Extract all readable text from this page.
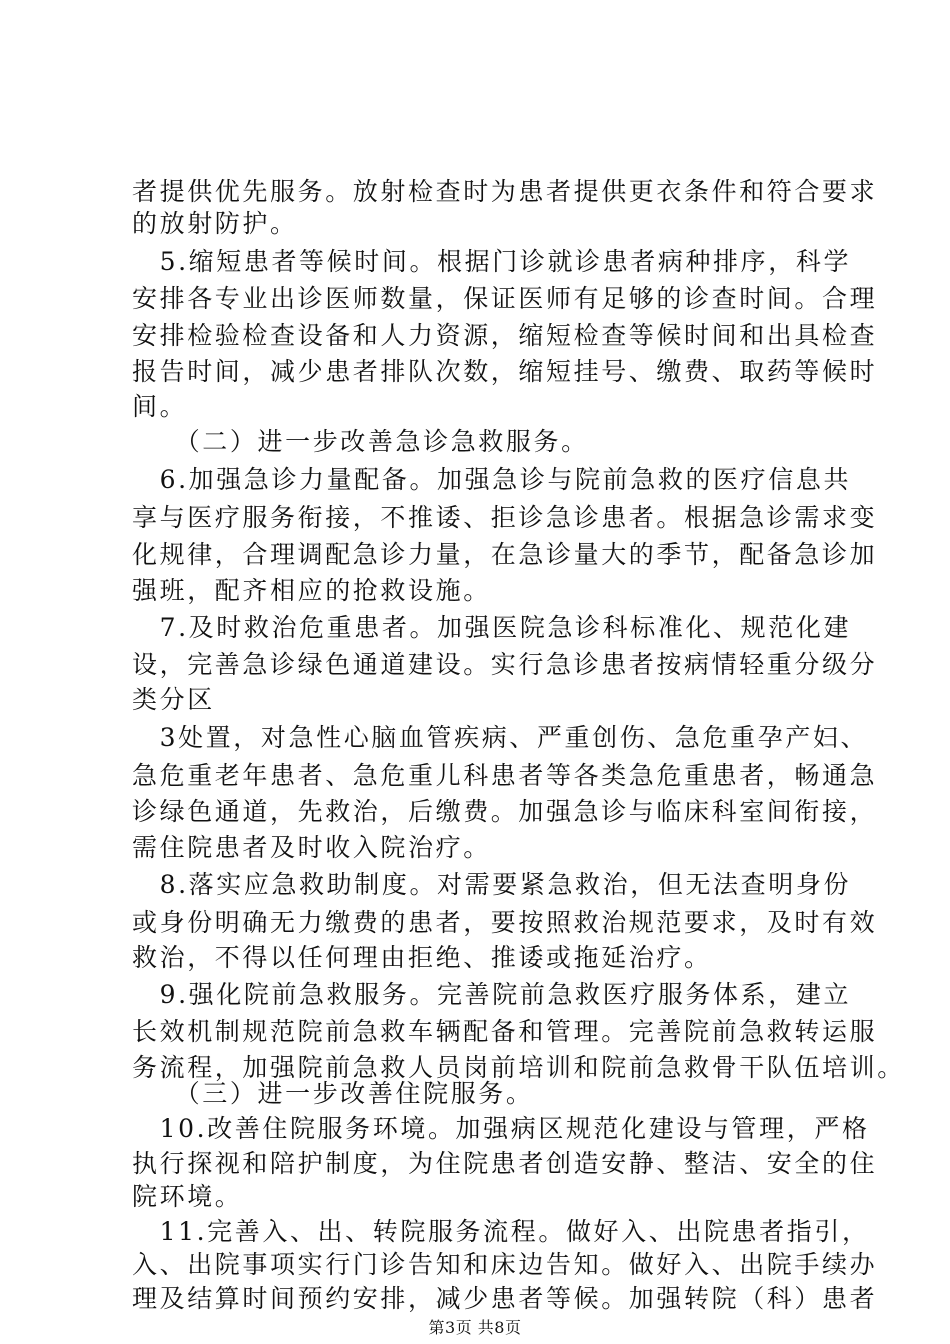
者提供优先服务。放射检查时为患者提供更衣条件和符合要求
的放射防护。
　5.缩短患者等候时间。根据门诊就诊患者病种排序，科学
安排各专业出诊医师数量，保证医师有足够的诊查时间。合理
安排检验检查设备和人力资源，缩短检查等候时间和出具检查
报告时间，减少患者排队次数，缩短挂号、缴费、取药等候时
间。
　　（二）进一步改善急诊急救服务。
　6.加强急诊力量配备。加强急诊与院前急救的医疗信息共
享与医疗服务衔接，不推诿、拒诊急诊患者。根据急诊需求变
化规律，合理调配急诊力量，在急诊量大的季节，配备急诊加
强班，配齐相应的抢救设施。
　7.及时救治危重患者。加强医院急诊科标准化、规范化建
设，完善急诊绿色通道建设。实行急诊患者按病情轻重分级分
类分区
　3处置，对急性心脑血管疾病、严重创伤、急危重孕产妇、
急危重老年患者、急危重儿科患者等各类急危重患者，畅通急
诊绿色通道，先救治，后缴费。加强急诊与临床科室间衔接，
需住院患者及时收入院治疗。
　8.落实应急救助制度。对需要紧急救治，但无法查明身份
或身份明确无力缴费的患者，要按照救治规范要求，及时有效
救治，不得以任何理由拒绝、推诿或拖延治疗。
　9.强化院前急救服务。完善院前急救医疗服务体系，建立
长效机制规范院前急救车辆配备和管理。完善院前急救转运服
务流程，加强院前急救人员岗前培训和院前急救骨干队伍培训。
　　（三）进一步改善住院服务。
　10.改善住院服务环境。加强病区规范化建设与管理，严格
执行探视和陪护制度，为住院患者创造安静、整洁、安全的住
院环境。
　11.完善入、出、转院服务流程。做好入、出院患者指引，
入、出院事项实行门诊告知和床边告知。做好入、出院手续办
理及结算时间预约安排，减少患者等候。加强转院（科）患者
第3页 共8页
